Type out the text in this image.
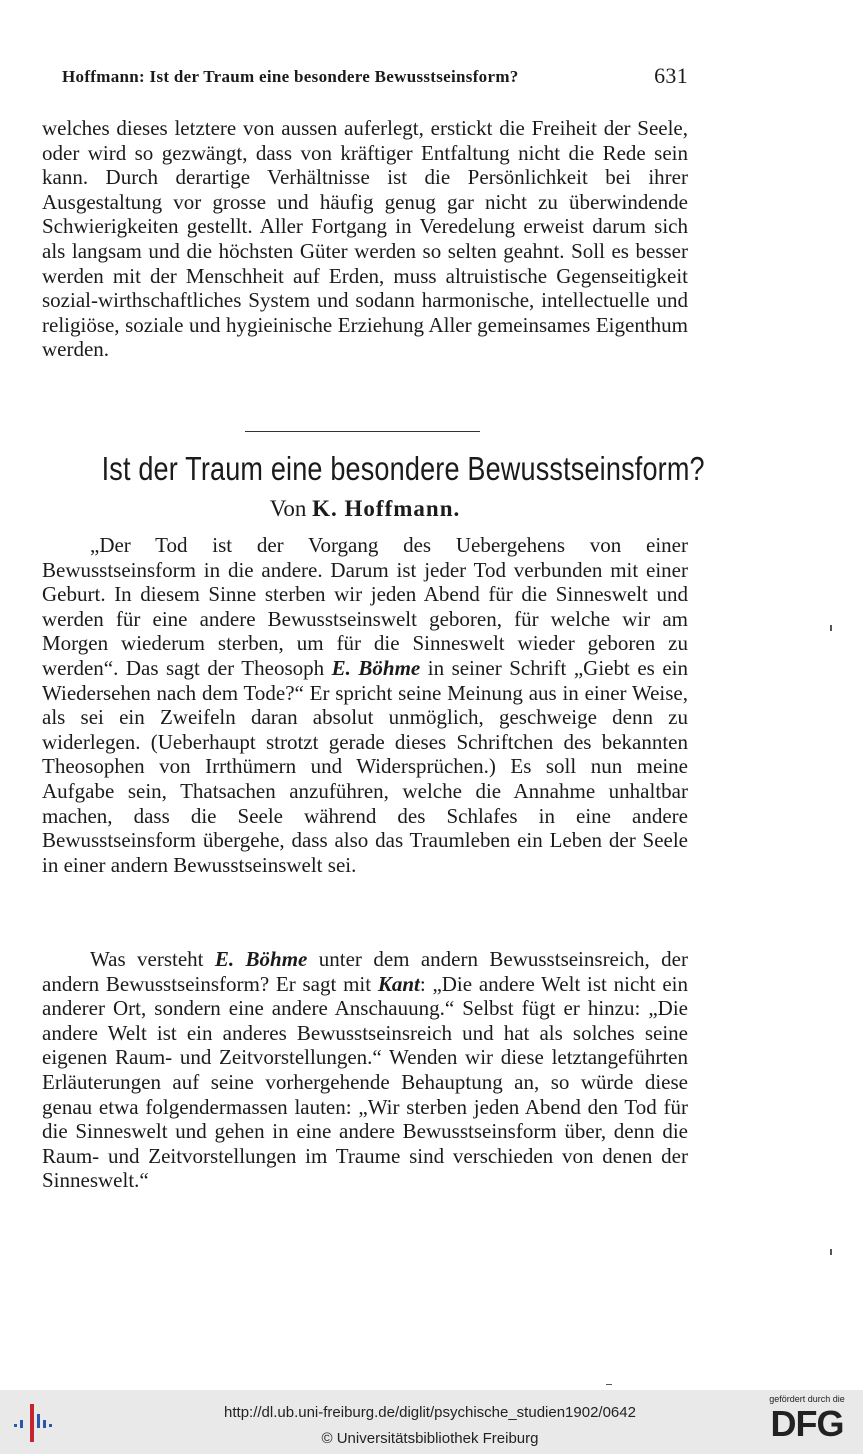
Hoffmann: Ist der Traum eine besondere Bewusstseinsform?	631
welches dieses letztere von aussen auferlegt, erstickt die Freiheit der Seele, oder wird so gezwängt, dass von kräftiger Entfaltung nicht die Rede sein kann. Durch derartige Verhältnisse ist die Persönlichkeit bei ihrer Ausgestaltung vor grosse und häufig genug gar nicht zu überwindende Schwierigkeiten gestellt. Aller Fortgang in Veredelung erweist darum sich als langsam und die höchsten Güter werden so selten geahnt. Soll es besser werden mit der Menschheit auf Erden, muss altruistische Gegenseitigkeit sozial-wirthschaftliches System und sodann harmonische, intellectuelle und religiöse, soziale und hygieinische Erziehung Aller gemeinsames Eigenthum werden.
Ist der Traum eine besondere Bewusstseinsform?
Von K. Hoffmann.
„Der Tod ist der Vorgang des Uebergehens von einer Bewusstseinsform in die andere. Darum ist jeder Tod verbunden mit einer Geburt. In diesem Sinne sterben wir jeden Abend für die Sinneswelt und werden für eine andere Bewusstseinswelt geboren, für welche wir am Morgen wiederum sterben, um für die Sinneswelt wieder geboren zu werden“. Das sagt der Theosoph E. Böhme in seiner Schrift „Giebt es ein Wiedersehen nach dem Tode?“ Er spricht seine Meinung aus in einer Weise, als sei ein Zweifeln daran absolut unmöglich, geschweige denn zu widerlegen. (Ueberhaupt strotzt gerade dieses Schriftchen des bekannten Theosophen von Irrthümern und Widersprüchen.) Es soll nun meine Aufgabe sein, Thatsachen anzuführen, welche die Annahme unhaltbar machen, dass die Seele während des Schlafes in eine andere Bewusstseinsform übergehe, dass also das Traumleben ein Leben der Seele in einer andern Bewusstseinswelt sei.
Was versteht E. Böhme unter dem andern Bewusstseinsreich, der andern Bewusstseinsform? Er sagt mit Kant: „Die andere Welt ist nicht ein anderer Ort, sondern eine andere Anschauung.“ Selbst fügt er hinzu: „Die andere Welt ist ein anderes Bewusstseinsreich und hat als solches seine eigenen Raum- und Zeitvorstellungen.“ Wenden wir diese letztangeführten Erläuterungen auf seine vorhergehende Behauptung an, so würde diese genau etwa folgendermassen lauten: „Wir sterben jeden Abend den Tod für die Sinneswelt und gehen in eine andere Bewusstseinsform über, denn die Raum- und Zeitvorstellungen im Traume sind verschieden von denen der Sinneswelt.“
http://dl.ub.uni-freiburg.de/diglit/psychische_studien1902/0642
© Universitätsbibliothek Freiburg
gefördert durch die
DFG
